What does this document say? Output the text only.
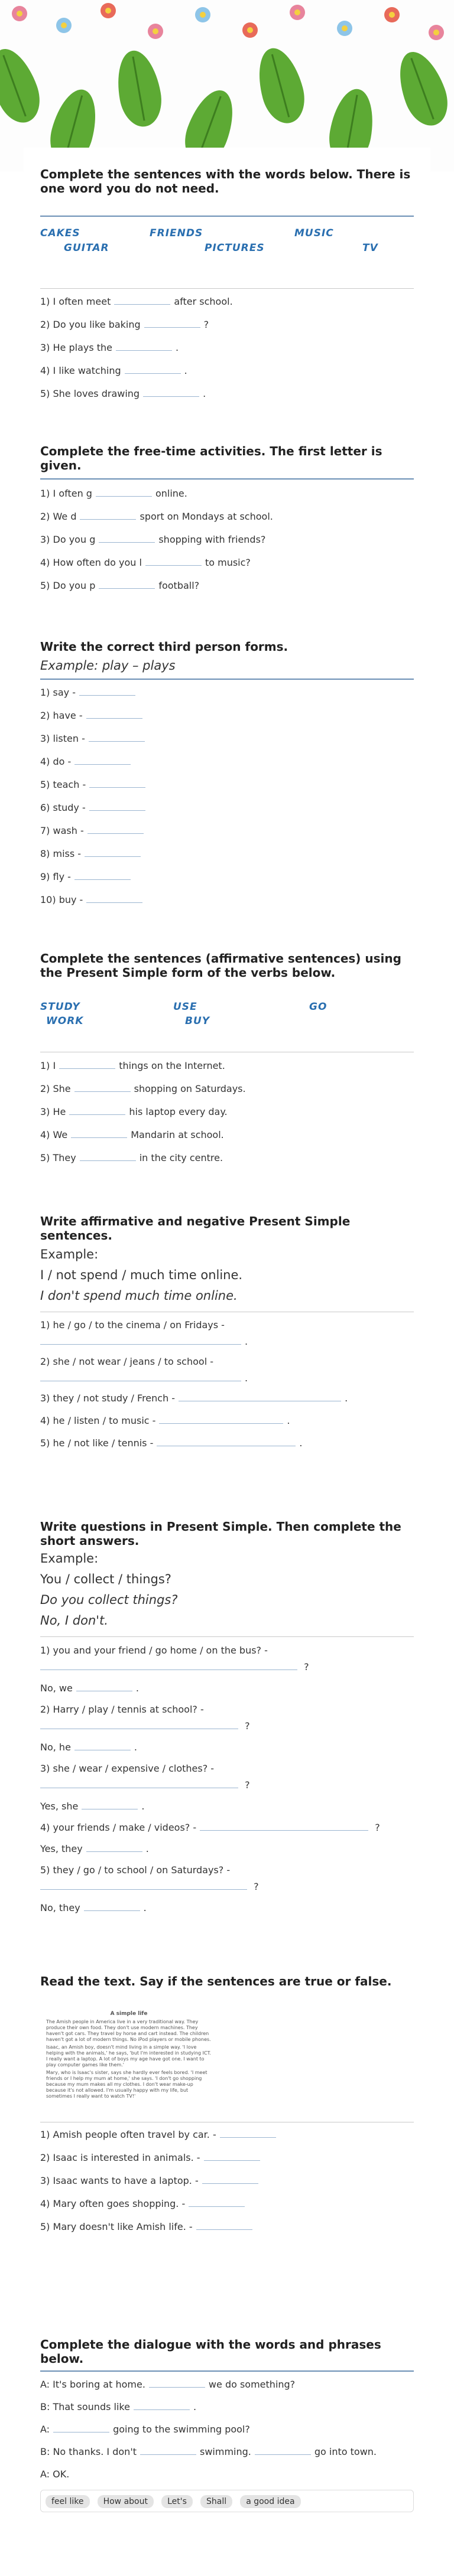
Complete the sentences with the words below. There is one word you do not need.

CAKES	FRIENDS	MUSIC
GUITAR	PICTURES	TV
1) I often meet	after school.
2) Do you like baking	?
3) He plays the	.
4) I like watching	.
5) She loves drawing	.

Complete the free-time activities. The first letter is given.

1) I often g	online.
2) We d	sport on Mondays at school.
3) Do you g	shopping with friends?
4) How often do you l	to music?
5) Do you p	football?

Write the correct third person forms.

Example: play – plays
1) say -
2) have -
3) listen -
4) do -
5) teach -
6) study -
7) wash -
8) miss -
9) fly -
10) buy -

Complete the sentences (affirmative sentences) using the Present Simple form of the verbs below.

STUDY	USE	GO
WORK	BUY
1) I	things on the Internet.
2) She	shopping on Saturdays.
3) He	his laptop every day.
4) We	Mandarin at school.
5) They	in the city centre.

Write affirmative and negative Present Simple sentences.

Example:
I / not spend / much time online.
I don't spend much time online.
1) he / go / to the cinema / on Fridays -
.
2) she / not wear / jeans / to school -
.
3) they / not study / French -	.
4) he / listen / to music -	.
5) he / not like / tennis -	.

Write questions in Present Simple. Then complete the short answers.

Example:
You / collect / things?
Do you collect things?
No, I don't.
1) you and your friend / go home / on the bus? -
?
No, we	.
2) Harry / play / tennis at school? -
?
No, he	.
3) she / wear / expensive / clothes? -
?
Yes, she	.
4) your friends / make / videos? -	?
Yes, they	.
5) they / go / to school / on Saturdays? -
?
No, they	.

Read the text. Say if the sentences are true or false.

A simple life
The Amish people in America live in a very traditional way. They produce their own food. They don't use modern machines. They haven't got cars. They travel by horse and cart instead. The children haven't got a lot of modern things. No iPod players or mobile phones.
Isaac, an Amish boy, doesn't mind living in a simple way. 'I love helping with the animals,' he says, 'but I'm interested in studying ICT. I really want a laptop. A lot of boys my age have got one. I want to play computer games like them.'
Mary, who is Isaac's sister, says she hardly ever feels bored. 'I meet friends or I help my mum at home,' she says. 'I don't go shopping because my mum makes all my clothes. I don't wear make-up because it's not allowed. I'm usually happy with my life, but sometimes I really want to watch TV!'
1) Amish people often travel by car. -
2) Isaac is interested in animals. -
3) Isaac wants to have a laptop. -
4) Mary often goes shopping. -
5) Mary doesn't like Amish life. -

Complete the dialogue with the words and phrases below.

A: It's boring at home.	we do something?
B: That sounds like	.
A:	going to the swimming pool?
B: No thanks. I don't	swimming.	go into town.
A: OK.
feel like How about Let's Shall a good idea
